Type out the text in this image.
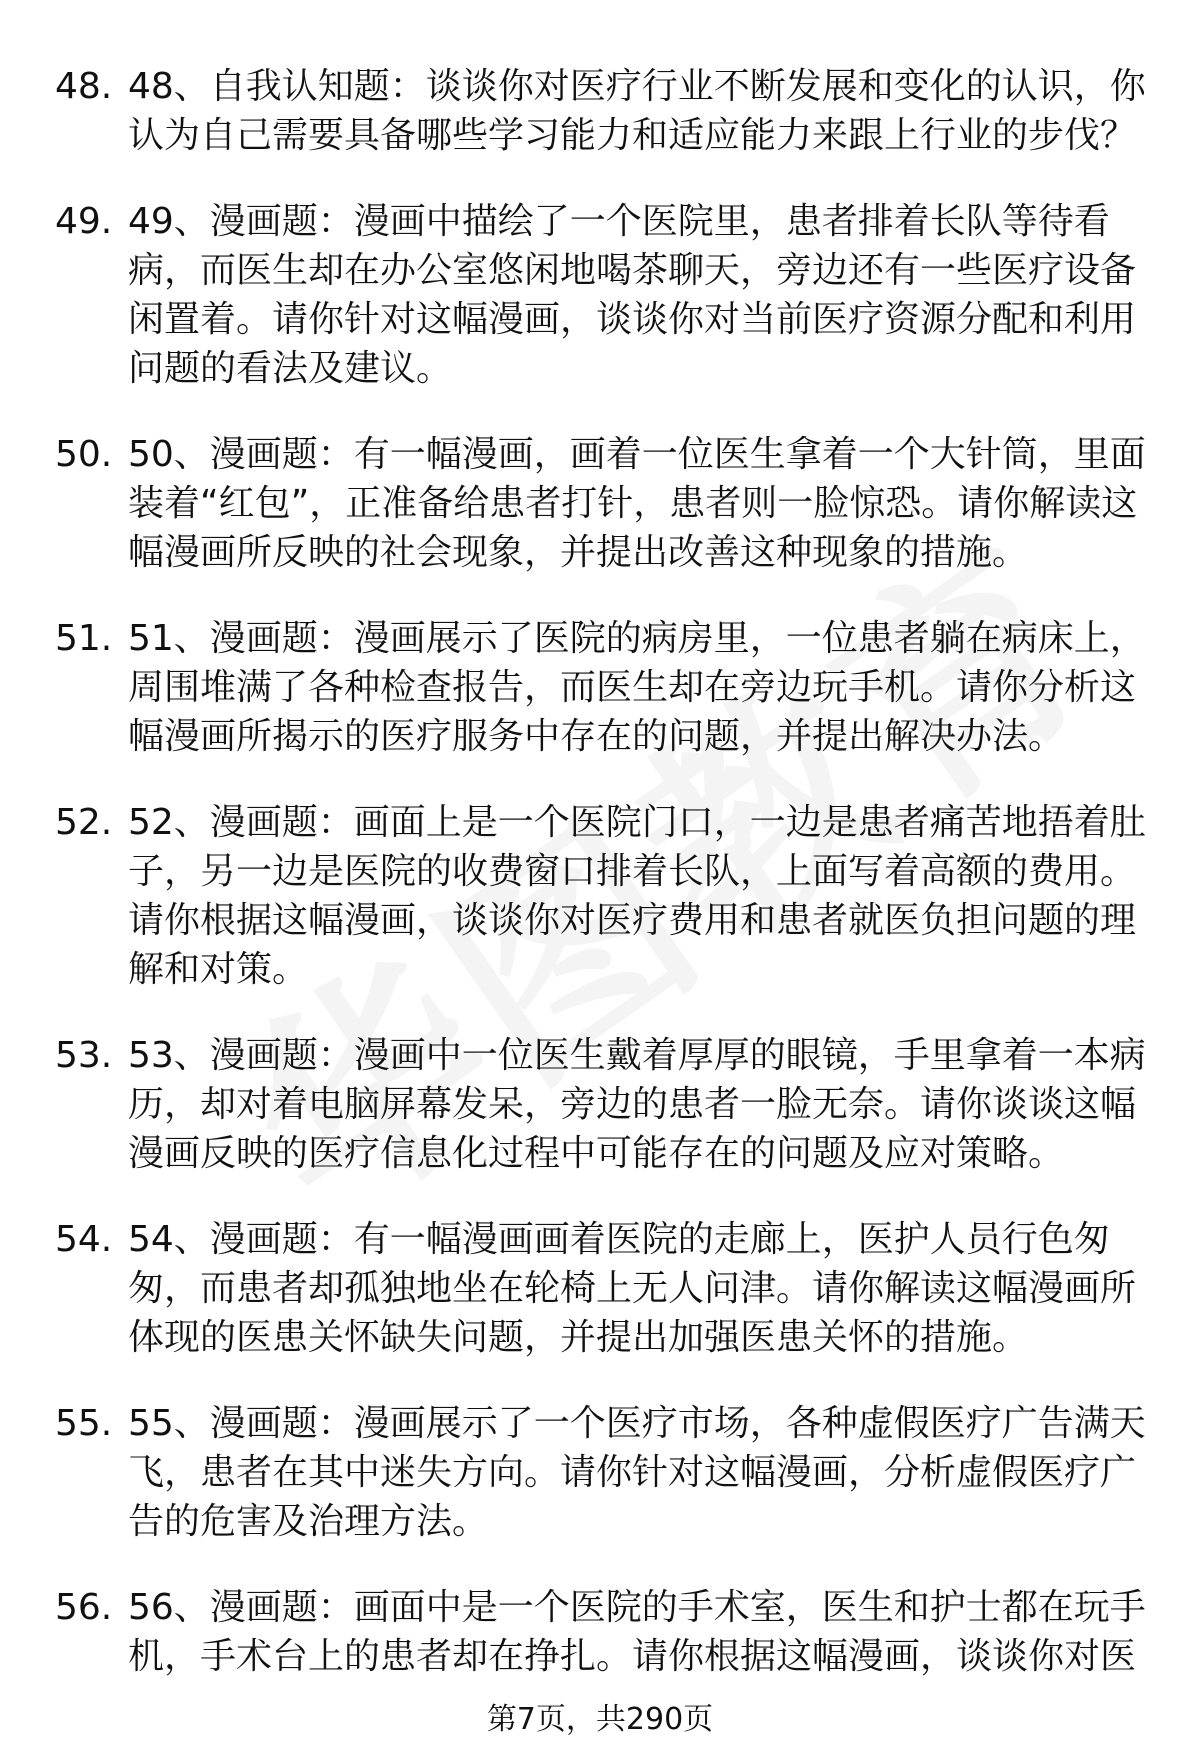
48. 48、自我认知题：谈谈你对医疗行业不断发展和变化的认识，你认为自己需要具备哪些学习能力和适应能力来跟上行业的步伐？
49. 49、漫画题：漫画中描绘了一个医院里，患者排着长队等待看病，而医生却在办公室悠闲地喝茶聊天，旁边还有一些医疗设备闲置着。请你针对这幅漫画，谈谈你对当前医疗资源分配和利用问题的看法及建议。
50. 50、漫画题：有一幅漫画，画着一位医生拿着一个大针筒，里面装着“红包”，正准备给患者打针，患者则一脸惊恐。请你解读这幅漫画所反映的社会现象，并提出改善这种现象的措施。
51. 51、漫画题：漫画展示了医院的病房里，一位患者躺在病床上，周围堆满了各种检查报告，而医生却在旁边玩手机。请你分析这幅漫画所揭示的医疗服务中存在的问题，并提出解决办法。
52. 52、漫画题：画面上是一个医院门口，一边是患者痛苦地捂着肚子，另一边是医院的收费窗口排着长队，上面写着高额的费用。请你根据这幅漫画，谈谈你对医疗费用和患者就医负担问题的理解和对策。
53. 53、漫画题：漫画中一位医生戴着厚厚的眼镜，手里拿着一本病历，却对着电脑屏幕发呆，旁边的患者一脸无奈。请你谈谈这幅漫画反映的医疗信息化过程中可能存在的问题及应对策略。
54. 54、漫画题：有一幅漫画画着医院的走廊上，医护人员行色匆匆，而患者却孤独地坐在轮椅上无人问津。请你解读这幅漫画所体现的医患关怀缺失问题，并提出加强医患关怀的措施。
55. 55、漫画题：漫画展示了一个医疗市场，各种虚假医疗广告满天飞，患者在其中迷失方向。请你针对这幅漫画，分析虚假医疗广告的危害及治理方法。
56. 56、漫画题：画面中是一个医院的手术室，医生和护士都在玩手机，手术台上的患者却在挣扎。请你根据这幅漫画，谈谈你对医
第7页，共290页
